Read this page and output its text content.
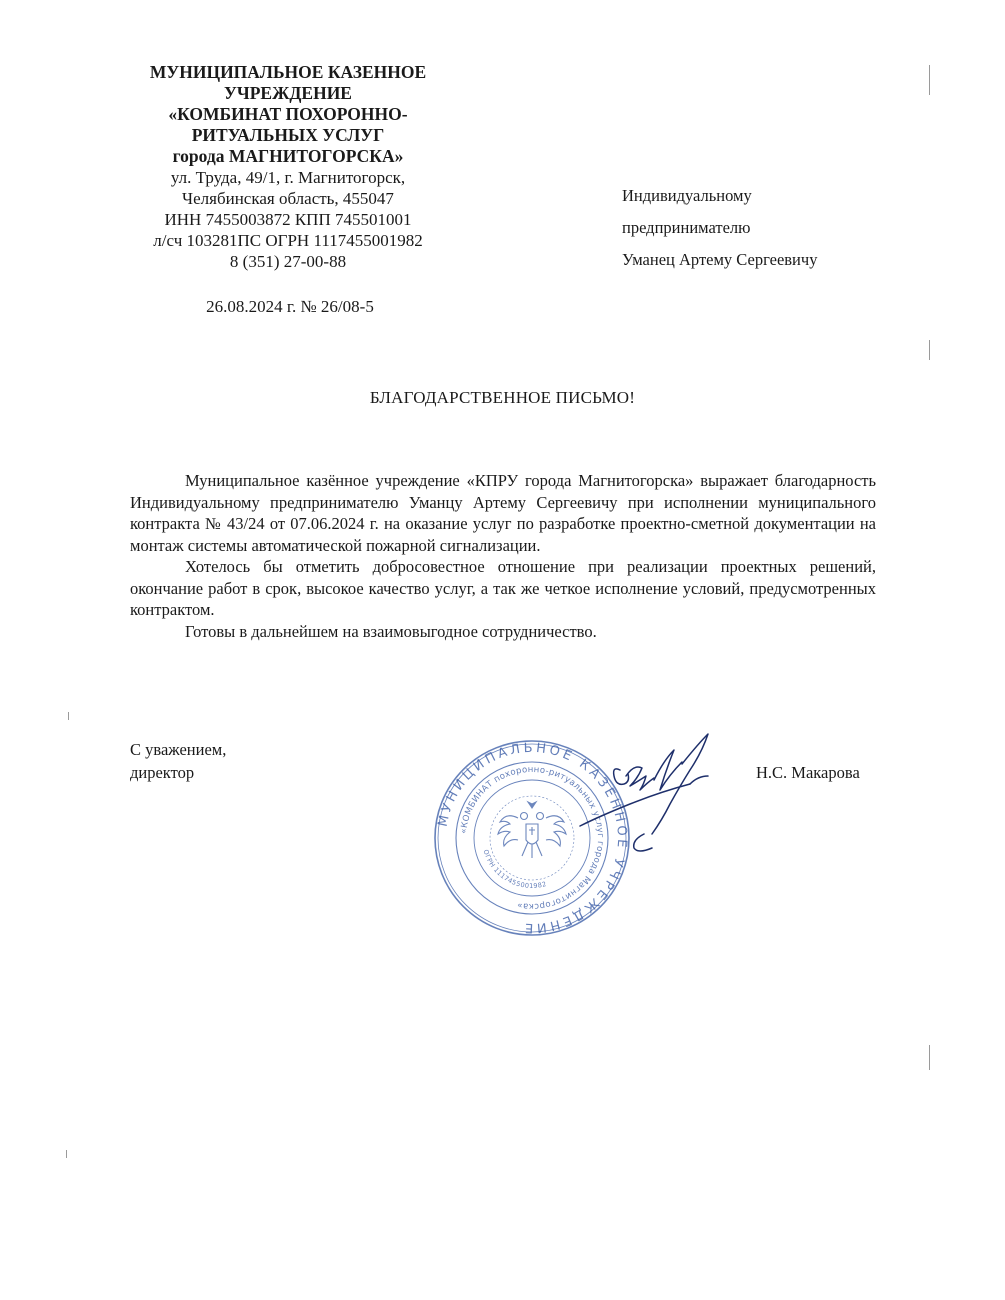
МУНИЦИПАЛЬНОЕ КАЗЕННОЕ
УЧРЕЖДЕНИЕ
«КОМБИНАТ ПОХОРОННО-
РИТУАЛЬНЫХ УСЛУГ
города МАГНИТОГОРСКА»
ул. Труда, 49/1, г. Магнитогорск,
Челябинская область, 455047
ИНН 7455003872 КПП 745501001
л/сч 103281ПС ОГРН 1117455001982
8 (351) 27-00-88
26.08.2024 г. № 26/08-5
Индивидуальному
предпринимателю
Уманец Артему Сергеевичу
БЛАГОДАРСТВЕННОЕ ПИСЬМО!

Муниципальное казённое учреждение «КПРУ города Магнитогорска» выражает благодарность Индивидуальному предпринимателю Уманцу Артему Сергеевичу при исполнении муниципального контракта № 43/24 от 07.06.2024 г. на оказание услуг по разработке проектно-сметной документации на монтаж системы автоматической пожарной сигнализации.

Хотелось бы отметить добросовестное отношение при реализации проектных решений, окончание работ в срок, высокое качество услуг, а так же четкое исполнение условий, предусмотренных контрактом.

Готовы в дальнейшем на взаимовыгодное сотрудничество.

С уважением,
директор
МУНИЦИПАЛЬНОЕ КАЗЕННОЕ УЧРЕЖДЕНИЕ
«КОМБИНАТ похоронно-ритуальных услуг города Магнитогорска»
ОГРН 1117455001982
Н.С. Макарова
